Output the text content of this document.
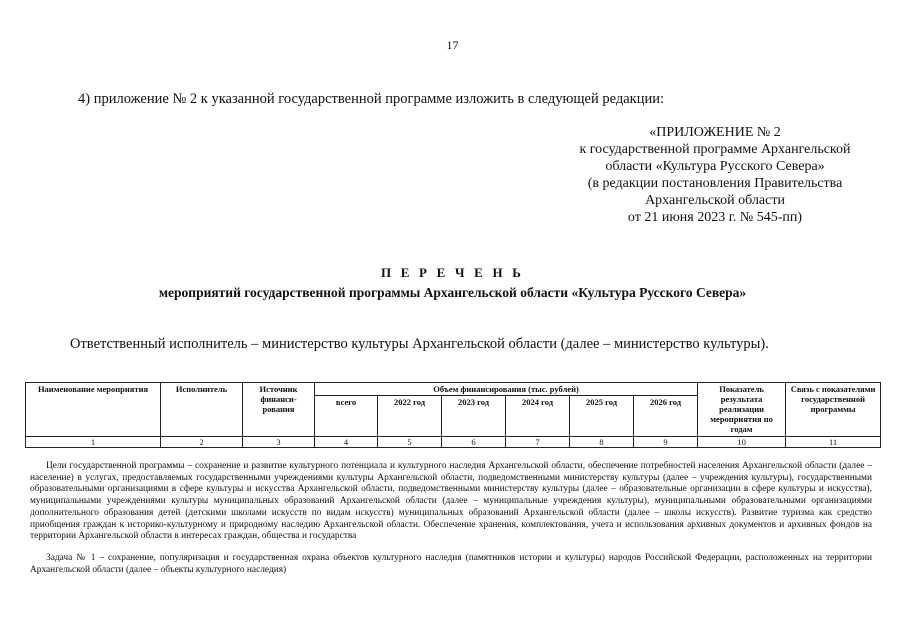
17
4) приложение № 2 к указанной государственной программе изложить в следующей редакции:
«ПРИЛОЖЕНИЕ № 2
к государственной программе Архангельской
области «Культура Русского Севера»
(в редакции постановления Правительства
Архангельской области
от 21 июня 2023 г. № 545-пп)
П Е Р Е Ч Е Н Ь
мероприятий государственной программы Архангельской области «Культура Русского Севера»
Ответственный исполнитель – министерство культуры Архангельской области (далее – министерство культуры).
Наименование мероприятия	Исполнитель	Источник финанси-рования	Объем финансирования (тыс. рублей)						Показатель результата реализации мероприятия по годам	Связь с показателями государственной программы
			всего	2022 год	2023 год	2024 год	2025 год	2026 год		
1	2	3	4	5	6	7	8	9	10	11
Цели государственной программы – сохранение и развитие культурного потенциала и культурного наследия Архангельской области, обеспечение потребностей населения Архангельской области (далее – население) в услугах, предоставляемых государственными учреждениями культуры Архангельской области, подведомственными министерству культуры (далее – учреждения культуры), государственными образовательными организациями в сфере культуры и искусства Архангельской области, подведомственными министерству культуры (далее – образовательные организации в сфере культуры и искусства), муниципальными учреждениями культуры муниципальных образований Архангельской области (далее – муниципальные учреждения культуры), муниципальными образовательными организациями дополнительного образования детей (детскими школами искусств по видам искусств) муниципальных образований Архангельской области (далее – школы искусств). Развитие туризма как средство приобщения граждан к историко-культурному и природному наследию Архангельской области. Обеспечение хранения, комплектования, учета и использования архивных документов и архивных фондов на территории Архангельской области в интересах граждан, общества и государства
Задача № 1 – сохранение, популяризация и государственная охрана объектов культурного наследия (памятников истории и культуры) народов Российской Федерации, расположенных на территории Архангельской области (далее – объекты культурного наследия)
